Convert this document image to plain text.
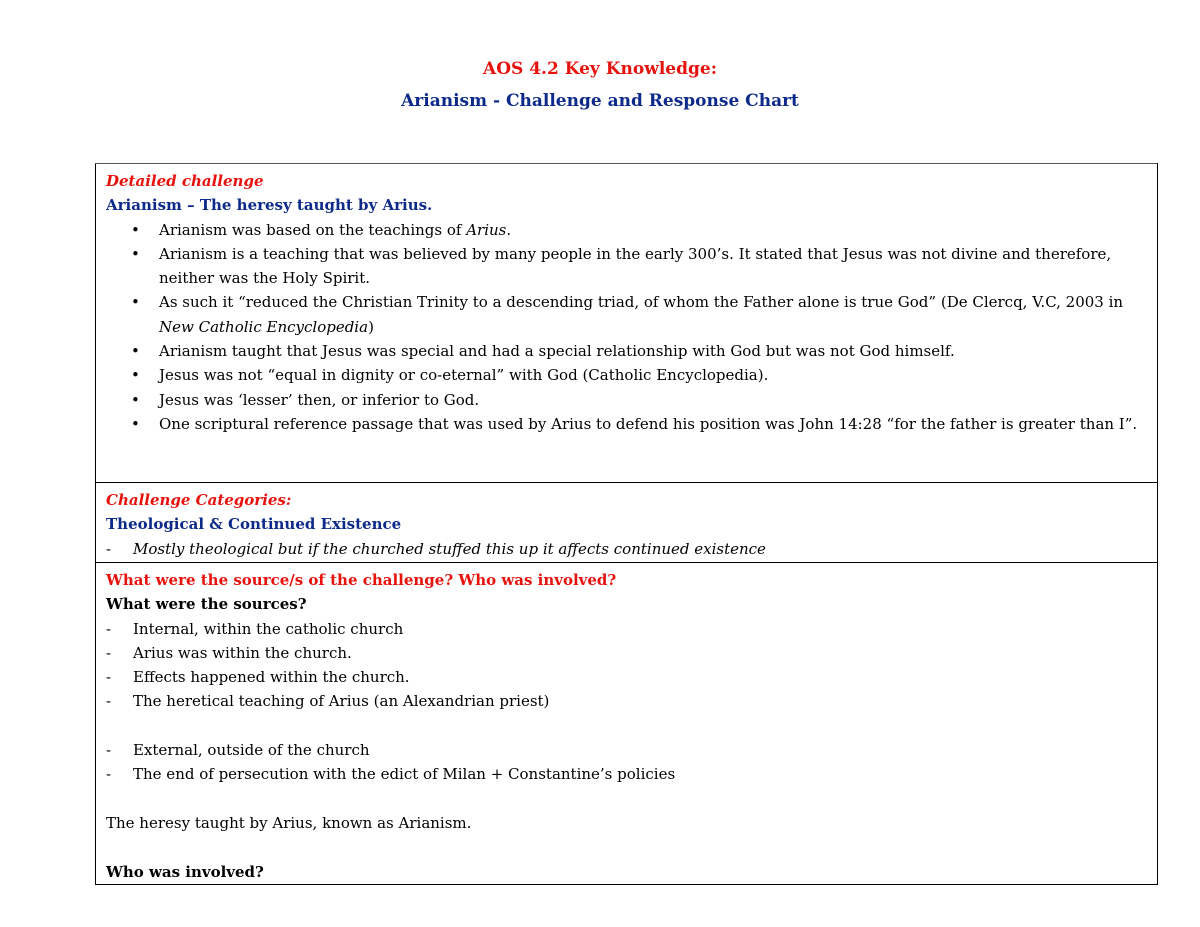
AOS 4.2 Key Knowledge:
Arianism - Challenge and Response Chart
Detailed challenge
Arianism – The heresy taught by Arius.
• Arianism was based on the teachings of Arius.
• Arianism is a teaching that was believed by many people in the early 300’s. It stated that Jesus was not divine and therefore, neither was the Holy Spirit.
• As such it “reduced the Christian Trinity to a descending triad, of whom the Father alone is true God” (De Clercq, V.C, 2003 in New Catholic Encyclopedia)
• Arianism taught that Jesus was special and had a special relationship with God but was not God himself.
• Jesus was not “equal in dignity or co-eternal” with God (Catholic Encyclopedia).
• Jesus was ‘lesser’ then, or inferior to God.
• One scriptural reference passage that was used by Arius to defend his position was John 14:28 “for the father is greater than I”.

Challenge Categories:
Theological & Continued Existence
- Mostly theological but if the churched stuffed this up it affects continued existence

What were the source/s of the challenge? Who was involved?
What were the sources?
- Internal, within the catholic church
- Arius was within the church.
- Effects happened within the church.
- The heretical teaching of Arius (an Alexandrian priest)
- External, outside of the church
- The end of persecution with the edict of Milan + Constantine’s policies
The heresy taught by Arius, known as Arianism.
Who was involved?
